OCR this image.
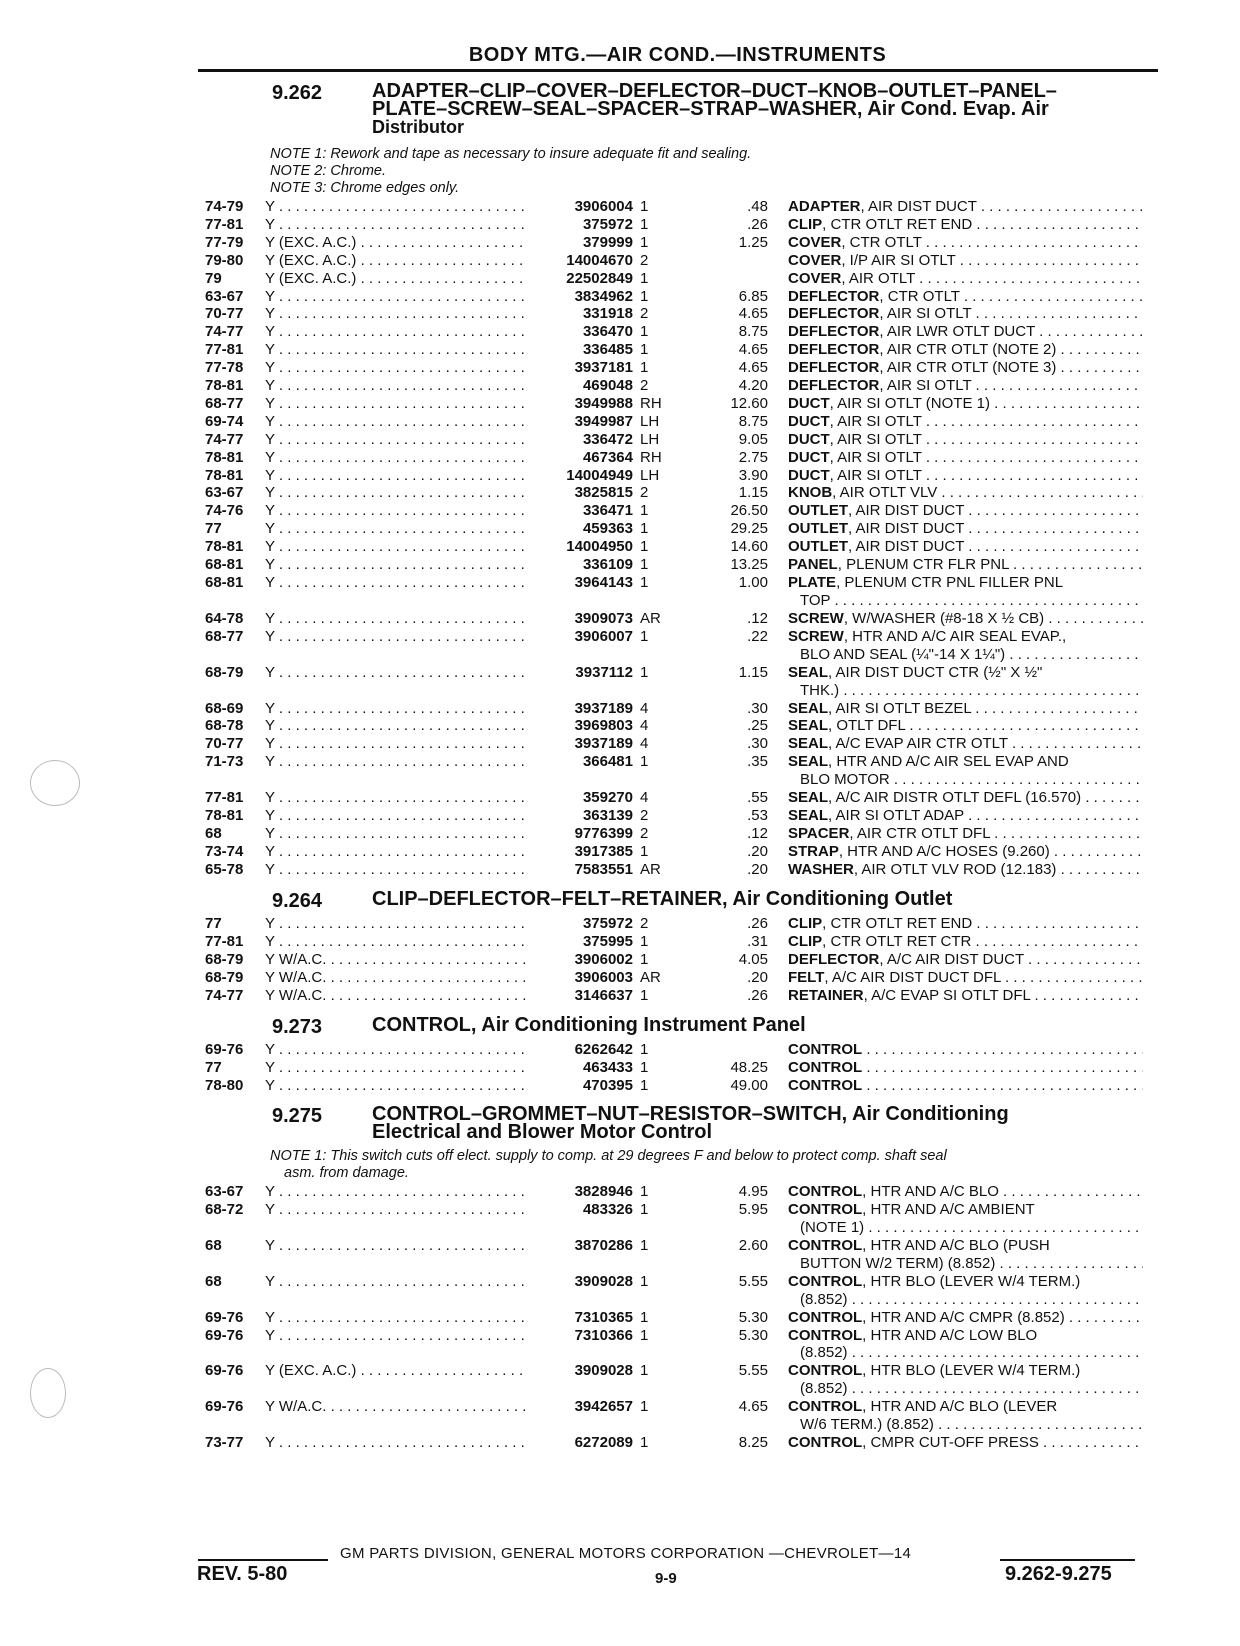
BODY MTG.—AIR COND.—INSTRUMENTS
9.262 ADAPTER–CLIP–COVER–DEFLECTOR–DUCT–KNOB–OUTLET–PANEL–
PLATE–SCREW–SEAL–SPACER–STRAP–WASHER, Air Cond. Evap. Air
Distributor
NOTE 1: Rework and tape as necessary to insure adequate fit and sealing.
NOTE 2: Chrome.
NOTE 3: Chrome edges only.
74-79 Y . . .	3906004 1	.48 ADAPTER, AIR DIST DUCT . . .
77-81 Y . . .	375972 1	.26 CLIP, CTR OTLT RET END . . .
77-79 Y (EXC. A.C.) . . .	379999 1	1.25 COVER, CTR OTLT . . .
79-80 Y (EXC. A.C.) . . .	14004670 2	COVER, I/P AIR SI OTLT . . .
79	Y (EXC. A.C.) . . .	22502849 1	COVER, AIR OTLT . . .
63-67 Y . . .	3834962 1	6.85 DEFLECTOR, CTR OTLT . . .
70-77 Y . . .	331918 2	4.65 DEFLECTOR, AIR SI OTLT . . .
74-77 Y . . .	336470 1	8.75 DEFLECTOR, AIR LWR OTLT DUCT . . .
77-81 Y . . .	336485 1	4.65 DEFLECTOR, AIR CTR OTLT (NOTE 2) . . .
77-78 Y . . .	3937181 1	4.65 DEFLECTOR, AIR CTR OTLT (NOTE 3) . . .
78-81 Y . . .	469048 2	4.20 DEFLECTOR, AIR SI OTLT . . .
68-77 Y . . .	3949988 RH	12.60 DUCT, AIR SI OTLT (NOTE 1) . . .
69-74 Y . . .	3949987 LH	8.75 DUCT, AIR SI OTLT . . .
74-77 Y . . .	336472 LH	9.05 DUCT, AIR SI OTLT . . .
78-81 Y . . .	467364 RH	2.75 DUCT, AIR SI OTLT . . .
78-81 Y . . .	14004949 LH	3.90 DUCT, AIR SI OTLT . . .
63-67 Y . . .	3825815 2	1.15 KNOB, AIR OTLT VLV . . .
74-76 Y . . .	336471 1	26.50 OUTLET, AIR DIST DUCT . . .
77	Y . . .	459363 1	29.25 OUTLET, AIR DIST DUCT . . .
78-81 Y . . .	14004950 1	14.60 OUTLET, AIR DIST DUCT . . .
68-81 Y . . .	336109 1	13.25 PANEL, PLENUM CTR FLR PNL . . .
68-81 Y . . .	3964143 1	1.00 PLATE, PLENUM CTR PNL FILLER PNL
TOP . . .
64-78 Y . . .	3909073 AR	.12 SCREW, W/WASHER (#8-18 X ½ CB) . . .
68-77 Y . . .	3906007 1	.22 SCREW, HTR AND A/C AIR SEAL EVAP.,
BLO AND SEAL (¼"-14 X 1¼") . . .
68-79 Y . . .	3937112 1	1.15 SEAL, AIR DIST DUCT CTR (½" X ½"
THK.) . . .
68-69 Y . . .	3937189 4	.30 SEAL, AIR SI OTLT BEZEL . . .
68-78 Y . . .	3969803 4	.25 SEAL, OTLT DFL . . .
70-77 Y . . .	3937189 4	.30 SEAL, A/C EVAP AIR CTR OTLT . . .
71-73 Y . . .	366481 1	.35 SEAL, HTR AND A/C AIR SEL EVAP AND
BLO MOTOR . . .
77-81 Y . . .	359270 4	.55 SEAL, A/C AIR DISTR OTLT DEFL (16.570) . . .
78-81 Y . . .	363139 2	.53 SEAL, AIR SI OTLT ADAP . . .
68	Y . . .	9776399 2	.12 SPACER, AIR CTR OTLT DFL . . .
73-74 Y . . .	3917385 1	.20 STRAP, HTR AND A/C HOSES (9.260) . . .
65-78 Y . . .	7583551 AR	.20 WASHER, AIR OTLT VLV ROD (12.183) . . .
9.264 CLIP–DEFLECTOR–FELT–RETAINER, Air Conditioning Outlet
77	Y . . .	375972 2	.26 CLIP, CTR OTLT RET END . . .
77-81 Y . . .	375995 1	.31 CLIP, CTR OTLT RET CTR . . .
68-79 Y W/A.C. . . .	3906002 1	4.05 DEFLECTOR, A/C AIR DIST DUCT . . .
68-79 Y W/A.C. . . .	3906003 AR	.20 FELT, A/C AIR DIST DUCT DFL . . .
74-77 Y W/A.C. . . .	3146637 1	.26 RETAINER, A/C EVAP SI OTLT DFL . . .
9.273 CONTROL, Air Conditioning Instrument Panel
69-76 Y . . .	6262642 1	CONTROL . . .
77	Y . . .	463433 1	48.25 CONTROL . . .
78-80 Y . . .	470395 1	49.00 CONTROL . . .
9.275 CONTROL–GROMMET–NUT–RESISTOR–SWITCH, Air Conditioning
Electrical and Blower Motor Control
NOTE 1: This switch cuts off elect. supply to comp. at 29 degrees F and below to protect comp. shaft seal
asm. from damage.
63-67 Y . . .	3828946 1	4.95 CONTROL, HTR AND A/C BLO . . .
68-72 Y . . .	483326 1	5.95 CONTROL, HTR AND A/C AMBIENT
(NOTE 1) . . .
68	Y . . .	3870286 1	2.60 CONTROL, HTR AND A/C BLO (PUSH
BUTTON W/2 TERM) (8.852) . . .
68	Y . . .	3909028 1	5.55 CONTROL, HTR BLO (LEVER W/4 TERM.)
(8.852) . . .
69-76 Y . . .	7310365 1	5.30 CONTROL, HTR AND A/C CMPR (8.852) . . .
69-76 Y . . .	7310366 1	5.30 CONTROL, HTR AND A/C LOW BLO
(8.852) . . .
69-76 Y (EXC. A.C.) . . .	3909028 1	5.55 CONTROL, HTR BLO (LEVER W/4 TERM.)
(8.852) . . .
69-76 Y W/A.C. . . .	3942657 1	4.65 CONTROL, HTR AND A/C BLO (LEVER
W/6 TERM.) (8.852) . . .
73-77 Y . . .	6272089 1	8.25 CONTROL, CMPR CUT-OFF PRESS . . .
GM PARTS DIVISION, GENERAL MOTORS CORPORATION —CHEVROLET—14
REV. 5-80	9-9	9.262-9.275
